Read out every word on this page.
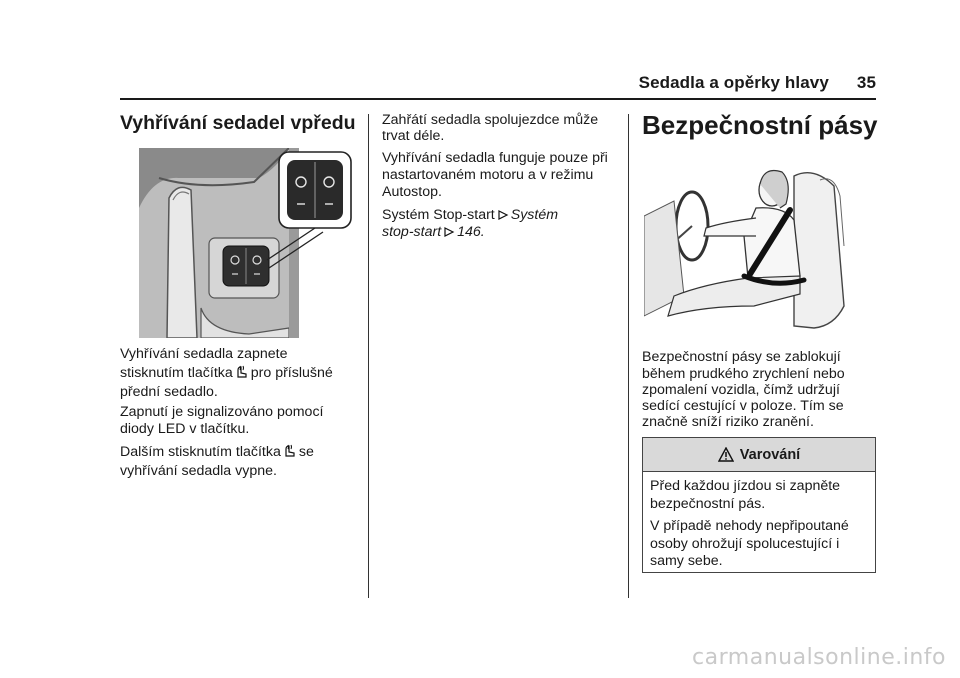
Sedadla a opěrky hlavy 35
Vyhřívání sedadel vpředu

Vyhřívání sedadla zapnete

stisknutím tlačítka pro příslušné

přední sedadlo.

Zapnutí je signalizováno pomocí

diody LED v tlačítku.

Dalším stisknutím tlačítka se

vyhřívání sedadla vypne.

Zahřátí sedadla spolujezdce může

trvat déle.

Vyhřívání sedadla funguje pouze při

nastartovaném motoru a v režimu

Autostop.

Systém Stop-start Systém

stop-start 146.

Bezpečnostní pásy

Bezpečnostní pásy se zablokují

během prudkého zrychlení nebo

zpomalení vozidla, čímž udržují

sedící cestující v poloze. Tím se

značně sníží riziko zranění.

Varování

Před každou jízdou si zapněte

bezpečnostní pás.

V případě nehody nepřipoutané

osoby ohrožují spolucestující i

samy sebe.

carmanualsonline.info
